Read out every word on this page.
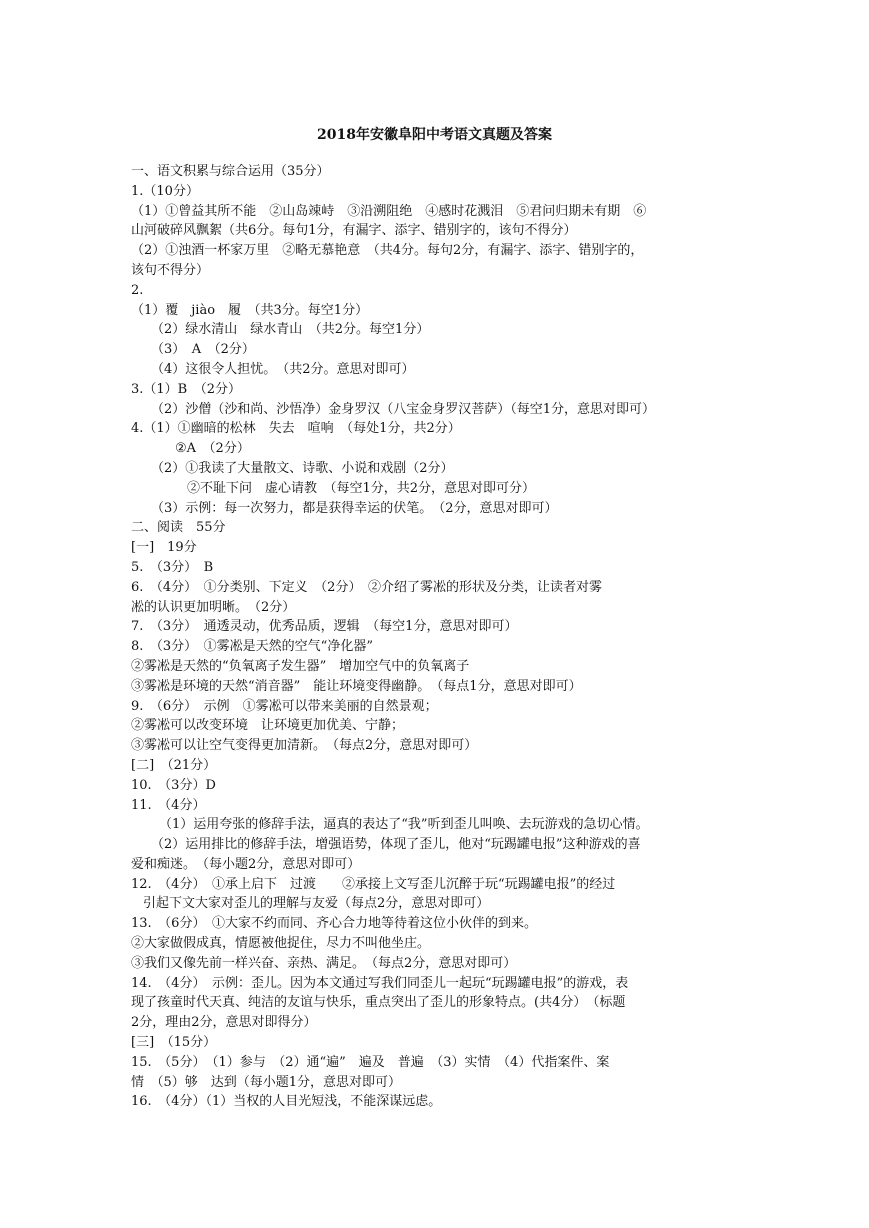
2018年安徽阜阳中考语文真题及答案
一、语文积累与综合运用（35分）
1.（10分）
（1）①曾益其所不能　②山岛竦峙　③沿溯阻绝　④感时花溅泪　⑤君问归期未有期　⑥
山河破碎风飘絮（共6分。每句1分，有漏字、添字、错别字的，该句不得分）
（2）①浊酒一杯家万里　②略无慕艳意　（共4分。每句2分，有漏字、添字、错别字的，
该句不得分）
2.
（1）覆　jiào　履　（共3分。每空1分）
（2）绿水清山　绿水青山　（共2分。每空1分）
（3）　A　（2分）
（4）这很令人担忧。　（共2分。意思对即可）
3.（1）B　（2分）
（2）沙僧（沙和尚、沙悟净）金身罗汉（八宝金身罗汉菩萨）（每空1分，意思对即可）
4.（1）①幽暗的松林　失去　喧响　（每处1分，共2分）
②A　（2分）
（2）①我读了大量散文、诗歌、小说和戏剧（2分）
②不耻下问　虚心请教　（每空1分，共2分，意思对即可分）
（3）示例：每一次努力，都是获得幸运的伏笔。　（2分，意思对即可）
二、阅读　55分
[一]　19分
5.　（3分）　B
6.　（4分）　①分类别、下定义　（2分）　②介绍了雾凇的形状及分类，让读者对雾
凇的认识更加明晰。　（2分）
7.　（3分）　通透灵动，优秀品质，逻辑　（每空1分，意思对即可）
8.　（3分）　①雾凇是天然的空气“净化器”
②雾凇是天然的“负氧离子发生器”　增加空气中的负氧离子
③雾凇是环境的天然“消音器”　能让环境变得幽静。　（每点1分，意思对即可）
9.　（6分）　示例　①雾凇可以带来美丽的自然景观；
②雾凇可以改变环境　让环境更加优美、宁静；
③雾凇可以让空气变得更加清新。　（每点2分，意思对即可）
[二]　（21分）
10.　（3分）D
11.　（4分）
（1）运用夸张的修辞手法，逼真的表达了“我”听到歪儿叫唤、去玩游戏的急切心情。
（2）运用排比的修辞手法，增强语势，体现了歪儿，他对“玩踢罐电报”这种游戏的喜
爱和痴迷。　（每小题2分，意思对即可）
12.　（4分）　①承上启下　过渡　　②承接上文写歪儿沉醉于玩“玩踢罐电报”的经过
引起下文大家对歪儿的理解与友爱（每点2分，意思对即可）
13.　（6分）　①大家不约而同、齐心合力地等待着这位小伙伴的到来。
②大家做假成真，情愿被他捉住，尽力不叫他坐庄。
③我们又像先前一样兴奋、亲热、满足。　（每点2分，意思对即可）
14.　（4分）　示例：歪儿。因为本文通过写我们同歪儿一起玩“玩踢罐电报”的游戏，表
现了孩童时代天真、纯洁的友谊与快乐，重点突出了歪儿的形象特点。(共4分）　（标题
2分，理由2分，意思对即得分）
[三]　（15分）
15.　（5分）　（1）参与　（2）通“遍”　遍及　普遍　（3）实情　（4）代指案件、案
情　（5）够　达到（每小题1分，意思对即可）
16.　（4分）（1）当权的人目光短浅，不能深谋远虑。
